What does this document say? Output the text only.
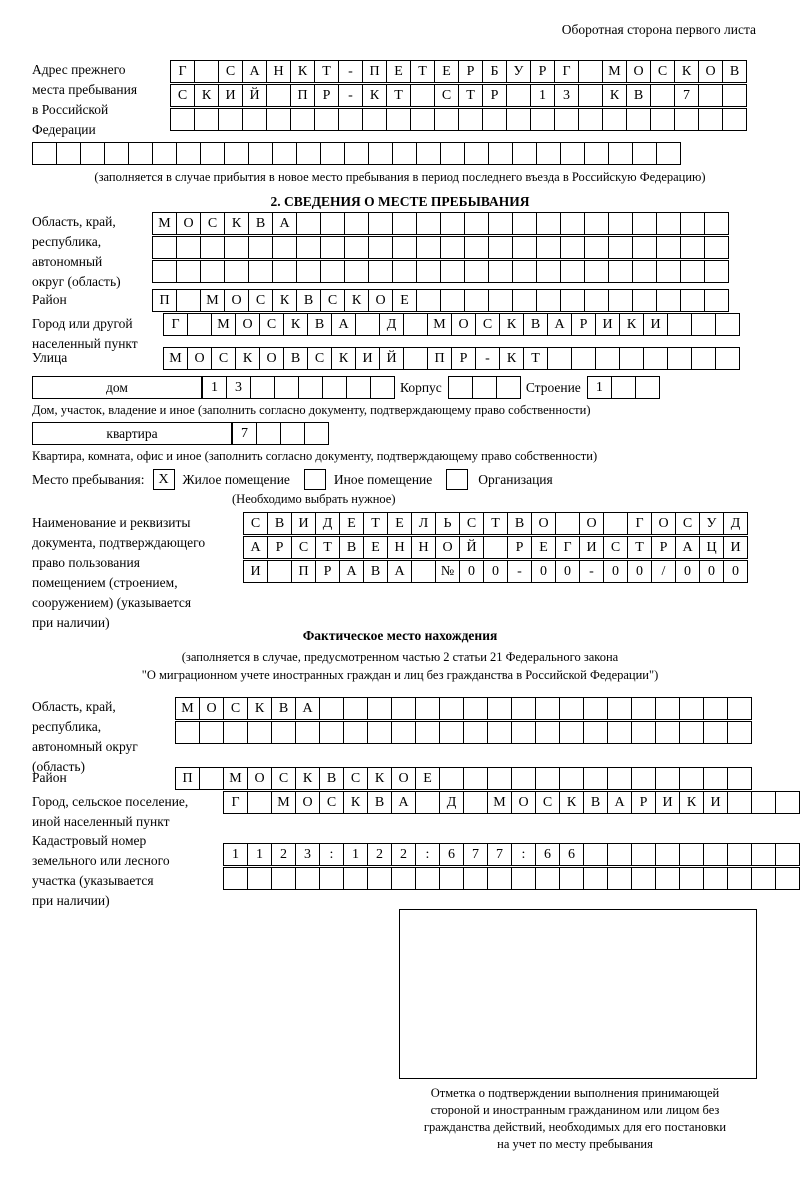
Оборотная сторона первого листа
Адрес прежнего
места пребывания
в Российской
Федерации
Г	С	А Н	К	Т	-	П	Е	Т	Е	Р	Б	У	Р	Г	М О	С	К	О	В
С	К	И Й	П	Р	-	К	Т	С	Т	Р	1	3	К	В	7
(заполняется в случае прибытия в новое место пребывания в период последнего въезда в Российскую Федерацию)
2. СВЕДЕНИЯ О МЕСТЕ ПРЕБЫВАНИЯ
Область, край,
республика,
автономный
округ (область)
М О	С	К	В	А
Район	П	М О	С	К	В	С	К	О	Е
Город или другой
населенный пункт
Г	М О	С	К	В	А	Д	М О	С	К	В	А	Р	И	К	И
Улица	М О	С	К	О	В	С	К	И Й	П	Р	-	К	Т
дом	1	3	Корпус	Строение	1
Дом, участок, владение и иное (заполнить согласно документу, подтверждающему право собственности)
квартира	7
Квартира, комната, офис и иное (заполнить согласно документу, подтверждающему право собственности)
Место пребывания: Х	Жилое помещение	Иное помещение	Организация
(Необходимо выбрать нужное)
Наименование и реквизиты
документа, подтверждающего
право пользования
помещением (строением,
сооружением) (указывается
при наличии)
С	В	И	Д	Е	Т	Е	Л	Ь	С	Т	В	О	О	Г	О	С	У	Д
А	Р	С	Т	В	Е	Н Н О Й	Р	Е	Г	И	С	Т	Р	А Ц И
И	П	Р	А	В	А	№ 0	0	-	0	0	-	0	0	/	0	0	0
Фактическое место нахождения
(заполняется в случае, предусмотренном частью 2 статьи 21 Федерального закона
"О миграционном учете иностранных граждан и лиц без гражданства в Российской Федерации")
Область, край,
республика,
автономный округ
(область)
М О	С	К	В	А
Район	П	М О	С	К	В	С	К	О	Е
Город, сельское поселение,
иной населенный пункт
Г	М О	С	К	В	А	Д	М О	С	К	В	А	Р	И	К	И
Кадастровый номер
земельного или лесного
участка (указывается
при наличии)
1	1	2	3	:	1	2	2	:	6	7	7	:	6	6
Отметка о подтверждении выполнения принимающей
стороной и иностранным гражданином или лицом без
гражданства действий, необходимых для его постановки
на учет по месту пребывания
